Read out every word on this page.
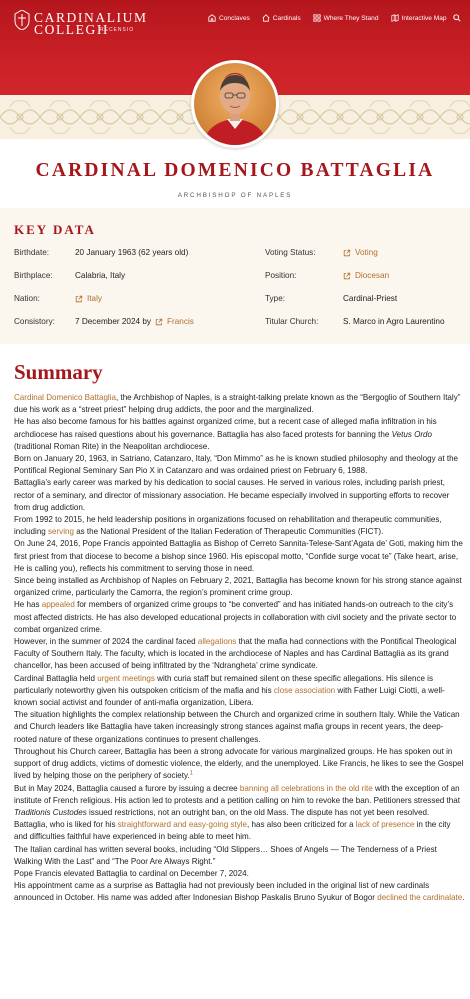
CARDINALIUM
COLLEGII
RECENSIO
Conclaves	Cardinals	Where They Stand	Interactive Map
CARDINAL DOMENICO BATTAGLIA
ARCHBISHOP OF NAPLES
KEY DATA
Birthdate:	20 January 1963 (62 years old)
Birthplace:	Calabria, Italy
Nation:	Italy
Consistory: 7 December 2024 by Francis
Voting Status:	Voting
Position:	Diocesan
Type:	Cardinal-Priest
Titular Church:	S. Marco in Agro Laurentino
Summary

Cardinal Domenico Battaglia, the Archbishop of Naples, is a straight-talking prelate known as the “Bergoglio of Southern Italy” due his work as a “street priest” helping drug addicts, the poor and the marginalized.

He has also become famous for his battles against organized crime, but a recent case of alleged mafia infiltration in his archdiocese has raised questions about his governance. Battaglia has also faced protests for banning the Vetus Ordo (traditional Roman Rite) in the Neapolitan archdiocese.

Born on January 20, 1963, in Satriano, Catanzaro, Italy, “Don Mimmo” as he is known studied philosophy and theology at the Pontifical Regional Seminary San Pio X in Catanzaro and was ordained priest on February 6, 1988.

Battaglia’s early career was marked by his dedication to social causes. He served in various roles, including parish priest, rector of a seminary, and director of missionary association. He became especially involved in supporting efforts to recover from drug addiction.

From 1992 to 2015, he held leadership positions in organizations focused on rehabilitation and therapeutic communities, including serving as the National President of the Italian Federation of Therapeutic Communities (FICT).

On June 24, 2016, Pope Francis appointed Battaglia as Bishop of Cerreto Sannita-Telese-Sant’Agata de’ Goti, making him the first priest from that diocese to become a bishop since 1960. His episcopal motto, “Confide surge vocat te” (Take heart, arise, He is calling you), reflects his commitment to serving those in need.

Since being installed as Archbishop of Naples on February 2, 2021, Battaglia has become known for his strong stance against organized crime, particularly the Camorra, the region’s prominent crime group.

He has appealed for members of organized crime groups to “be converted” and has initiated hands-on outreach to the city’s most affected districts. He has also developed educational projects in collaboration with civil society and the private sector to combat organized crime.

However, in the summer of 2024 the cardinal faced allegations that the mafia had connections with the Pontifical Theological Faculty of Southern Italy. The faculty, which is located in the archdiocese of Naples and has Cardinal Battaglia as its grand chancellor, has been accused of being infiltrated by the ‘Ndrangheta’ crime syndicate.

Cardinal Battaglia held urgent meetings with curia staff but remained silent on these specific allegations. His silence is particularly noteworthy given his outspoken criticism of the mafia and his close association with Father Luigi Ciotti, a well-known social activist and founder of anti-mafia organization, Libera.

The situation highlights the complex relationship between the Church and organized crime in southern Italy. While the Vatican and Church leaders like Battaglia have taken increasingly strong stances against mafia groups in recent years, the deep-rooted nature of these organizations continues to present challenges.

Throughout his Church career, Battaglia has been a strong advocate for various marginalized groups. He has spoken out in support of drug addicts, victims of domestic violence, the elderly, and the unemployed. Like Francis, he likes to see the Gospel lived by helping those on the periphery of society.$^1$

But in May 2024, Battaglia caused a furore by issuing a decree banning all celebrations in the old rite with the exception of an institute of French religious. His action led to protests and a petition calling on him to revoke the ban. Petitioners stressed that Traditionis Custodes issued restrictions, not an outright ban, on the old Mass. The dispute has not yet been resolved.

Battaglia, who is liked for his straightforward and easy-going style, has also been criticized for a lack of presence in the city and difficulties faithful have experienced in being able to meet him.

The Italian cardinal has written several books, including “Old Slippers… Shoes of Angels — The Tenderness of a Priest Walking With the Last” and “The Poor Are Always Right.”

Pope Francis elevated Battaglia to cardinal on December 7, 2024.

His appointment came as a surprise as Battaglia had not previously been included in the original list of new cardinals announced in October. His name was added after Indonesian Bishop Paskalis Bruno Syukur of Bogor declined the cardinalate.
